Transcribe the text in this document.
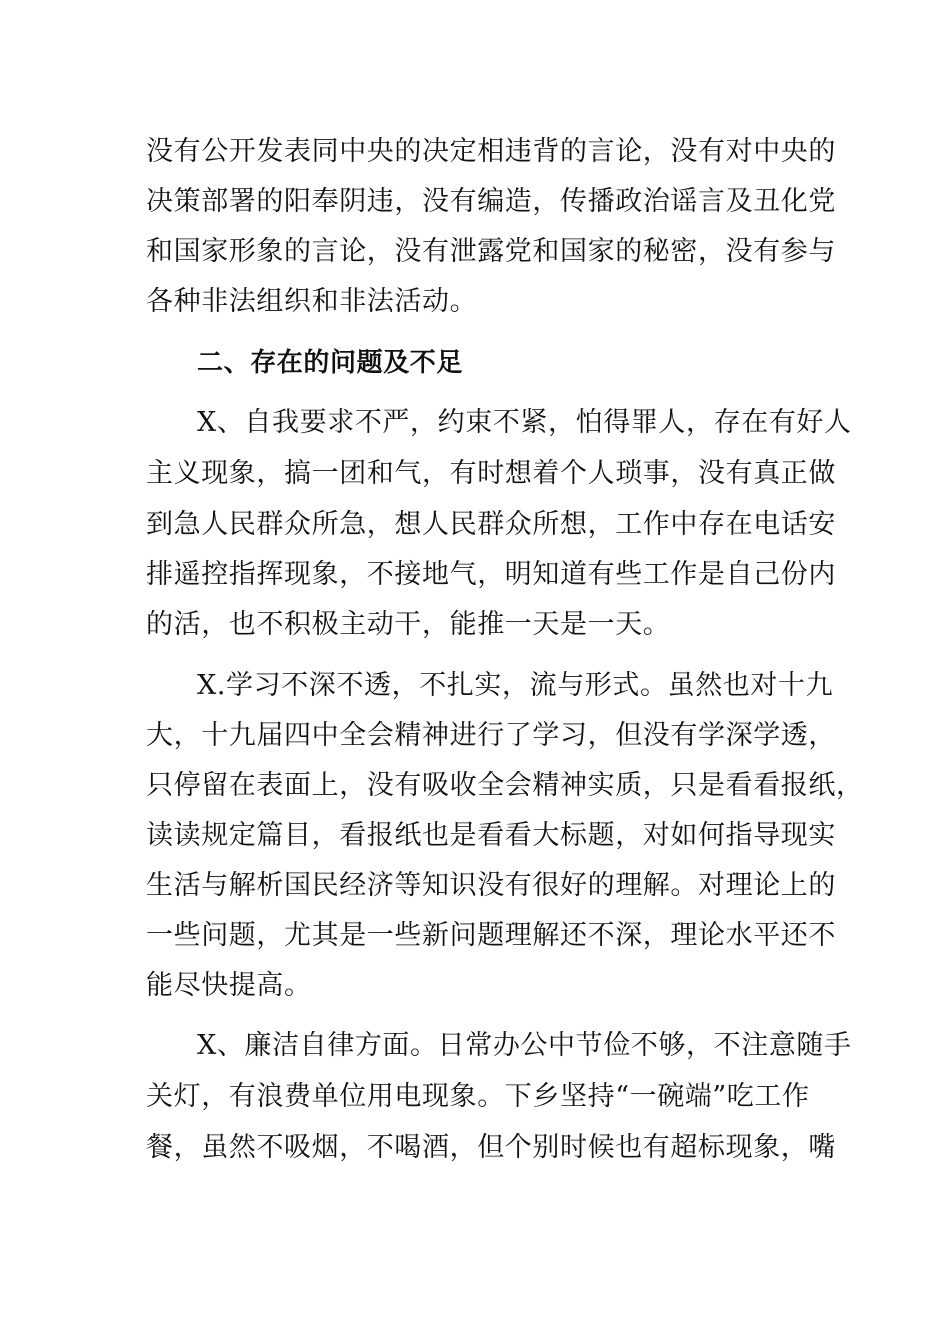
没有公开发表同中央的决定相违背的言论，没有对中央的
决策部署的阳奉阴违，没有编造，传播政治谣言及丑化党
和国家形象的言论，没有泄露党和国家的秘密，没有参与
各种非法组织和非法活动。
二、存在的问题及不足
X、自我要求不严，约束不紧，怕得罪人，存在有好人
主义现象，搞一团和气，有时想着个人琐事，没有真正做
到急人民群众所急，想人民群众所想，工作中存在电话安
排遥控指挥现象，不接地气，明知道有些工作是自己份内
的活，也不积极主动干，能推一天是一天。
X.学习不深不透，不扎实，流与形式。虽然也对十九
大，十九届四中全会精神进行了学习，但没有学深学透，
只停留在表面上，没有吸收全会精神实质，只是看看报纸，
读读规定篇目，看报纸也是看看大标题，对如何指导现实
生活与解析国民经济等知识没有很好的理解。对理论上的
一些问题，尤其是一些新问题理解还不深，理论水平还不
能尽快提高。
X、廉洁自律方面。日常办公中节俭不够，不注意随手
关灯，有浪费单位用电现象。下乡坚持“一碗端”吃工作
餐，虽然不吸烟，不喝酒，但个别时候也有超标现象，嘴
